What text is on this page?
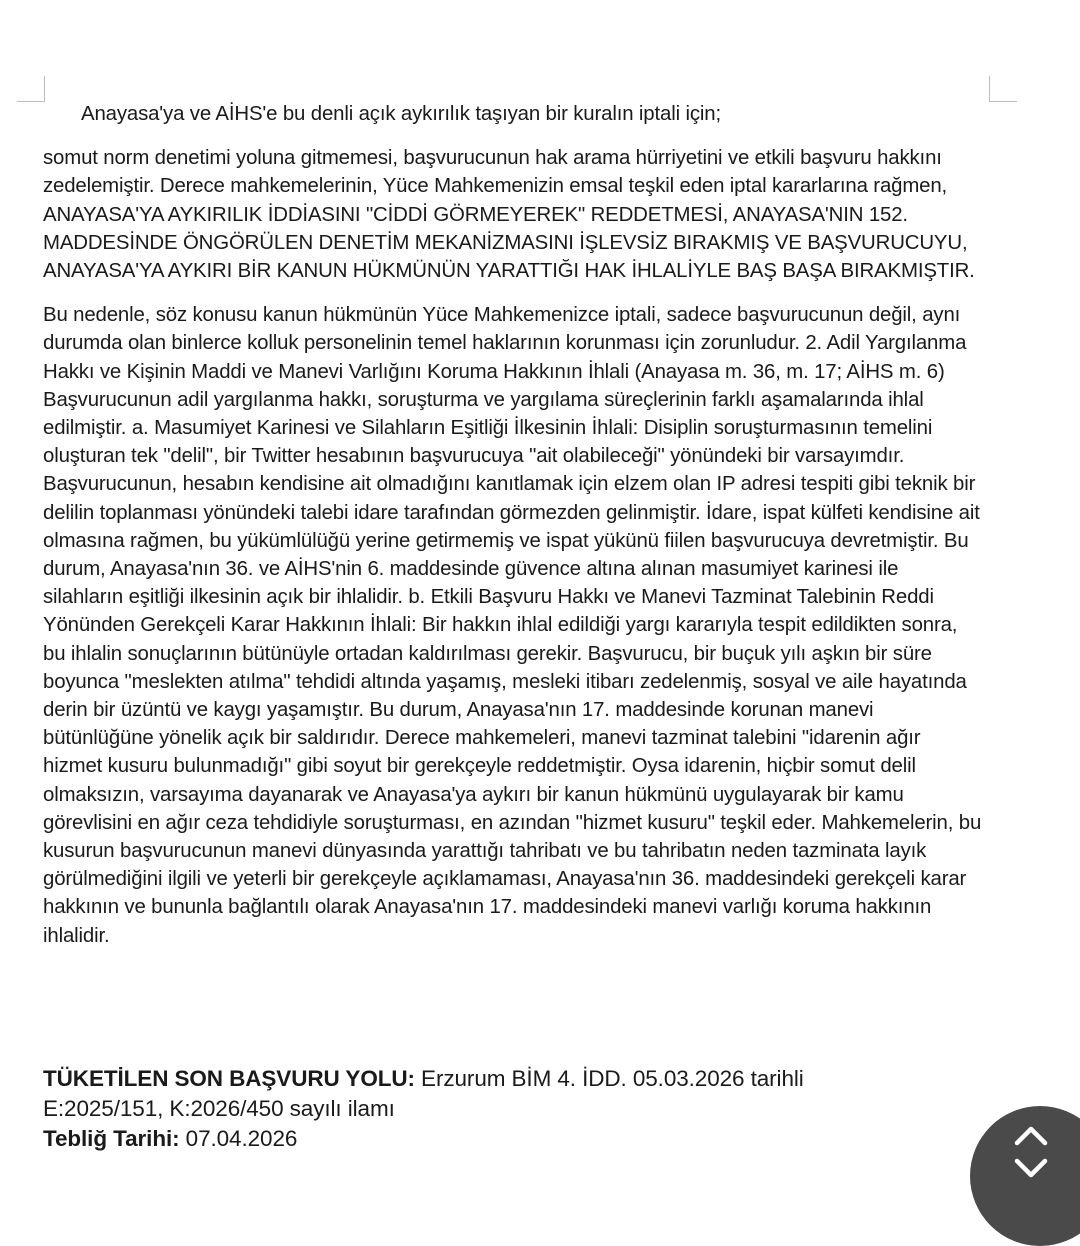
Anayasa'ya ve AİHS'e bu denli açık aykırılık taşıyan bir kuralın iptali için;

somut norm denetimi yoluna gitmemesi, başvurucunun hak arama hürriyetini ve etkili başvuru hakkını zedelemiştir. Derece mahkemelerinin, Yüce Mahkemenizin emsal teşkil eden iptal kararlarına rağmen, ANAYASA'YA AYKIRILIK İDDİASINI "CİDDİ GÖRMEYEREK" REDDETMESİ, ANAYASA'NIN 152. MADDESİNDE ÖNGÖRÜLEN DENETİM MEKANİZMASINI İŞLEVSİZ BIRAKMIŞ VE BAŞVURUCUYU, ANAYASA'YA AYKIRI BİR KANUN HÜKMÜNÜN YARATTIĞI HAK İHLALİYLE BAŞ BAŞA BIRAKMIŞTIR.

Bu nedenle, söz konusu kanun hükmünün Yüce Mahkemenizce iptali, sadece başvurucunun değil, aynı durumda olan binlerce kolluk personelinin temel haklarının korunması için zorunludur. 2. Adil Yargılanma Hakkı ve Kişinin Maddi ve Manevi Varlığını Koruma Hakkının İhlali (Anayasa m. 36, m. 17; AİHS m. 6) Başvurucunun adil yargılanma hakkı, soruşturma ve yargılama süreçlerinin farklı aşamalarında ihlal edilmiştir. a. Masumiyet Karinesi ve Silahların Eşitliği İlkesinin İhlali: Disiplin soruşturmasının temelini oluşturan tek "delil", bir Twitter hesabının başvurucuya "ait olabileceği" yönündeki bir varsayımdır. Başvurucunun, hesabın kendisine ait olmadığını kanıtlamak için elzem olan IP adresi tespiti gibi teknik bir delilin toplanması yönündeki talebi idare tarafından görmezden gelinmiştir. İdare, ispat külfeti kendisine ait olmasına rağmen, bu yükümlülüğü yerine getirmemiş ve ispat yükünü fiilen başvurucuya devretmiştir. Bu durum, Anayasa'nın 36. ve AİHS'nin 6. maddesinde güvence altına alınan masumiyet karinesi ile silahların eşitliği ilkesinin açık bir ihlalidir. b. Etkili Başvuru Hakkı ve Manevi Tazminat Talebinin Reddi Yönünden Gerekçeli Karar Hakkının İhlali: Bir hakkın ihlal edildiği yargı kararıyla tespit edildikten sonra, bu ihlalin sonuçlarının bütünüyle ortadan kaldırılması gerekir. Başvurucu, bir buçuk yılı aşkın bir süre boyunca "meslekten atılma" tehdidi altında yaşamış, mesleki itibarı zedelenmiş, sosyal ve aile hayatında derin bir üzüntü ve kaygı yaşamıştır. Bu durum, Anayasa'nın 17. maddesinde korunan manevi bütünlüğüne yönelik açık bir saldırıdır. Derece mahkemeleri, manevi tazminat talebini "idarenin ağır hizmet kusuru bulunmadığı" gibi soyut bir gerekçeyle reddetmiştir. Oysa idarenin, hiçbir somut delil olmaksızın, varsayıma dayanarak ve Anayasa'ya aykırı bir kanun hükmünü uygulayarak bir kamu görevlisini en ağır ceza tehdidiyle soruşturması, en azından "hizmet kusuru" teşkil eder. Mahkemelerin, bu kusurun başvurucunun manevi dünyasında yarattığı tahribatı ve bu tahribatın neden tazminata layık görülmediğini ilgili ve yeterli bir gerekçeyle açıklamaması, Anayasa'nın 36. maddesindeki gerekçeli karar hakkının ve bununla bağlantılı olarak Anayasa'nın 17. maddesindeki manevi varlığı koruma hakkının ihlalidir.

TÜKETİLEN SON BAŞVURU YOLU: Erzurum BİM 4. İDD. 05.03.2026 tarihli

E:2025/151, K:2026/450 sayılı ilamı

Tebliğ Tarihi: 07.04.2026
